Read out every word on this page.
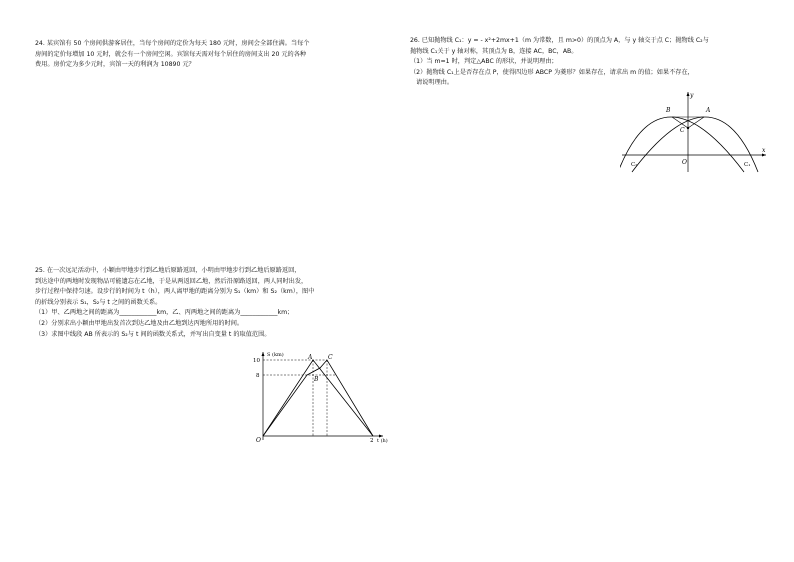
24. 某宾馆有 50 个房间供游客居住，当每个房间的定价为每天 180 元时，房间会全部住满。当每个

房间的定价每增加 10 元时，就会有一个房间空闲。宾馆每天需对每个居住的房间支出 20 元的各种

费用。房价定为多少元时，宾馆一天的利润为 10890 元？

26. 已知抛物线 C₁：y = - x²+2mx+1（m 为常数，且 m>0）的顶点为 A，与 y 轴交于点 C；抛物线 C₂与

抛物线 C₁关于 y 轴对称，其顶点为 B，连接 AC，BC，AB。

（1）当 m=1 时，判定△ABC 的形状，并说明理由；

（2）抛物线 C₁上是否存在点 P，使得四边形 ABCP 为菱形？如果存在，请求出 m 的值；如果不存在，

请说明理由。

B
y
A
C
C₂	O	C₁
x

25. 在一次远足活动中，小颖由甲地步行到乙地后原路返回，小明由甲地步行到乙地后原路返回，

到达途中的两地时发现物品可能遗忘在乙地，于是从两返回乙地，然后沿原路返回，两人同时出发，

步行过程中保持匀速。设步行的时间为 t（h），两人离甲地的距离分别为 S₁（km）和 S₂（km），图中

的折线分别表示 S₁，S₂与 t 之间的函数关系。

（1）甲、乙两地之间的距离为____________km，乙、丙两地之间的距离为____________km；

（2）分别求出小颖由甲地出发首次到达乙地及由乙地到达丙地所用的时间。

（3）求图中线段 AB 所表示的 S₂与 t 间的函数关系式，并写出自变量 t 的取值范围。

10
8
S (km)
2 t (h)
O
A	C
B
